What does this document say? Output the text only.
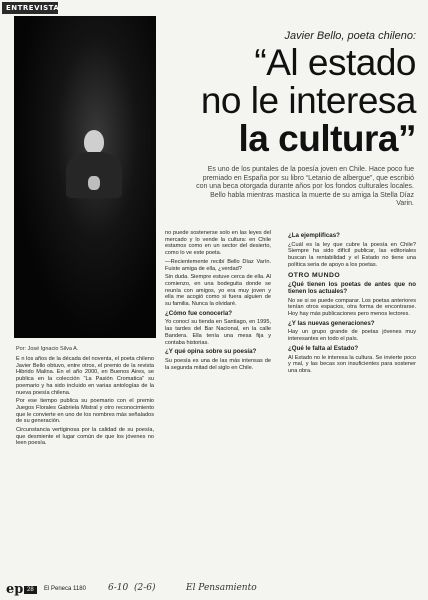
ENTREVISTA
Por: José Ignacio Silva A.
Javier Bello, poeta chileno:
“Al estado
no le interesa
la cultura”

Es uno de los puntales de la poesía joven en Chile. Hace poco fue premiado en España por su libro “Letanio de albergue”, que escribió con una beca otorgada durante años por los fondos culturales locales. Bello habla mientras mastica la muerte de su amiga la Stella Díaz Varin.

E n los años de la década del noventa, el poeta chileno Javier Bello obtuvo, entre otros, el premio de la revista Hibrido Malina. En el año 2000, en Buenos Aires, se publica en la colección “La Pasión Cromatica” su poemario y ha sido incluido en varias antologías de la nueva poesía chilena.

Por ese tiempo publica su poemario con el premio Juegos Florales Gabriela Mistral y otro reconocimiento que le convierte en uno de los nombres más señalados de su generación.

Circunstancia vertiginosa por la calidad de su poesía, que desmiente el lugar común de que los jóvenes no leen poesía.

no puede sostenerse solo en las leyes del mercado y lo vende la cultura: en Chile estamos como en un sector del desierto, como lo ve este poeta.

—Recientemente recibí Bello Díaz Varín. Fuiste amiga de ella, ¿verdad?

Sin duda. Siempre estuve cerca de ella. Al comienzo, en una bodeguita donde se reunía con amigos, yo era muy joven y ella me acogió como si fuera alguien de su familia. Nunca la olvidaré.

¿Cómo fue conocerla?

Yo conocí su tienda en Santiago, en 1995, las tardes del Bar Nacional, en la calle Bandera. Ella tenía una mesa fija y contaba historias.

¿Y qué opina sobre su poesía?

Su poesía es una de las más intensas de la segunda mitad del siglo en Chile.

¿La ejemplificas?

¿Cuál es la ley que cubre la poesía en Chile? Siempre ha sido difícil publicar, las editoriales buscan la rentabilidad y el Estado no tiene una política seria de apoyo a los poetas.

OTRO MUNDO
¿Qué tienen los poetas de antes que no tienen los actuales?

No se si se puede comparar. Los poetas anteriores tenían otros espacios, otra forma de encontrarse. Hoy hay más publicaciones pero menos lectores.

¿Y las nuevas generaciones?

Hay un grupo grande de poetas jóvenes muy interesantes en todo el país.

¿Qué le falta al Estado?

Al Estado no le interesa la cultura. Se invierte poco y mal, y las becas son insuficientes para sostener una obra.

ep 28	El Peneca 1180 6-10 (2-6)	El Pensamiento
